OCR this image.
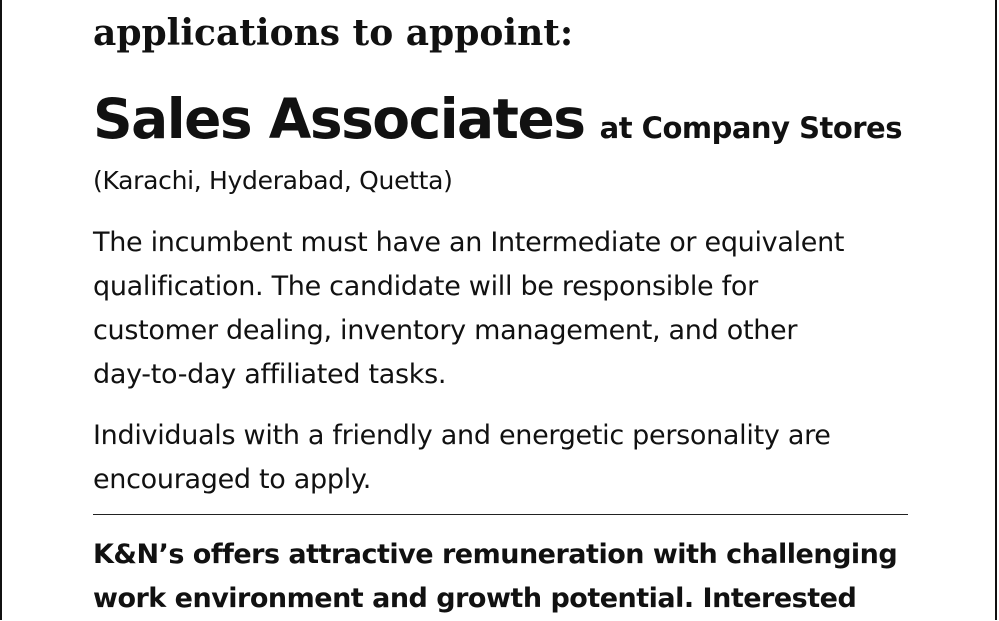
applications to appoint:

Sales Associates at Company Stores

(Karachi, Hyderabad, Quetta)

The incumbent must have an Intermediate or equivalent
qualification. The candidate will be responsible for
customer dealing, inventory management, and other
day-to-day affiliated tasks.

Individuals with a friendly and energetic personality are
encouraged to apply.

K&N’s offers attractive remuneration with challenging
work environment and growth potential. Interested
